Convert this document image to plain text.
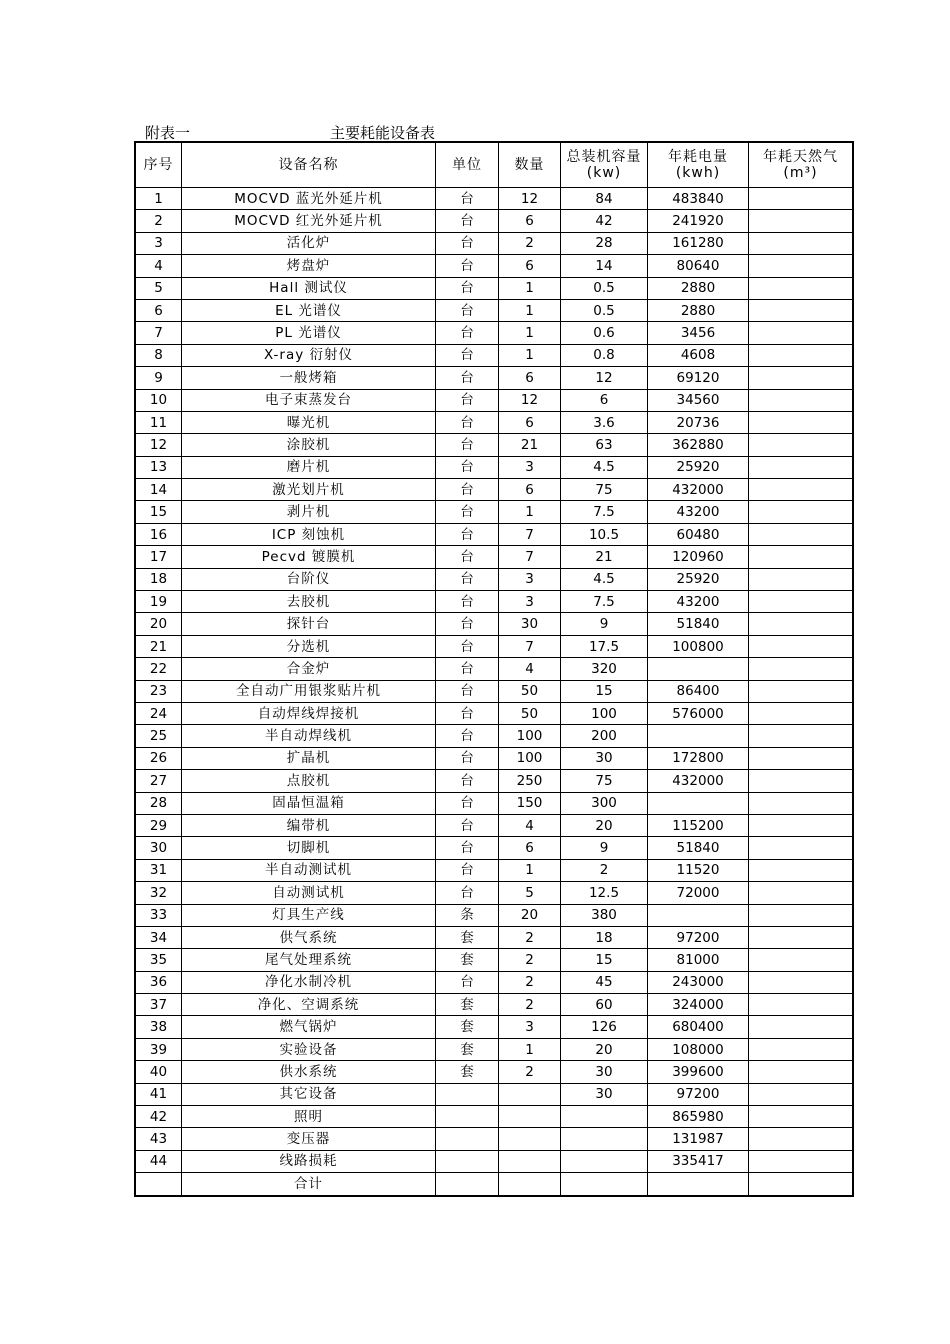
附表一	主要耗能设备表
序号	设备名称	单位	数量	总装机容量(kw)	年耗电量(kwh)	年耗天然气(m³)
1	MOCVD 蓝光外延片机	台	12	84	483840	
2	MOCVD 红光外延片机	台	6	42	241920	
3	活化炉	台	2	28	161280	
4	烤盘炉	台	6	14	80640	
5	Hall 测试仪	台	1	0.5	2880	
6	EL 光谱仪	台	1	0.5	2880	
7	PL 光谱仪	台	1	0.6	3456	
8	X-ray 衍射仪	台	1	0.8	4608	
9	一般烤箱	台	6	12	69120	
10	电子束蒸发台	台	12	6	34560	
11	曝光机	台	6	3.6	20736	
12	涂胶机	台	21	63	362880	
13	磨片机	台	3	4.5	25920	
14	激光划片机	台	6	75	432000	
15	剥片机	台	1	7.5	43200	
16	ICP 刻蚀机	台	7	10.5	60480	
17	Pecvd 镀膜机	台	7	21	120960	
18	台阶仪	台	3	4.5	25920	
19	去胶机	台	3	7.5	43200	
20	探针台	台	30	9	51840	
21	分选机	台	7	17.5	100800	
22	合金炉	台	4	320		
23	全自动广用银浆贴片机	台	50	15	86400	
24	自动焊线焊接机	台	50	100	576000	
25	半自动焊线机	台	100	200		
26	扩晶机	台	100	30	172800	
27	点胶机	台	250	75	432000	
28	固晶恒温箱	台	150	300		
29	编带机	台	4	20	115200	
30	切脚机	台	6	9	51840	
31	半自动测试机	台	1	2	11520	
32	自动测试机	台	5	12.5	72000	
33	灯具生产线	条	20	380		
34	供气系统	套	2	18	97200	
35	尾气处理系统	套	2	15	81000	
36	净化水制冷机	台	2	45	243000	
37	净化、空调系统	套	2	60	324000	
38	燃气锅炉	套	3	126	680400	
39	实验设备	套	1	20	108000	
40	供水系统	套	2	30	399600	
41	其它设备			30	97200	
42	照明				865980	
43	变压器				131987	
44	线路损耗				335417	
	合计					
